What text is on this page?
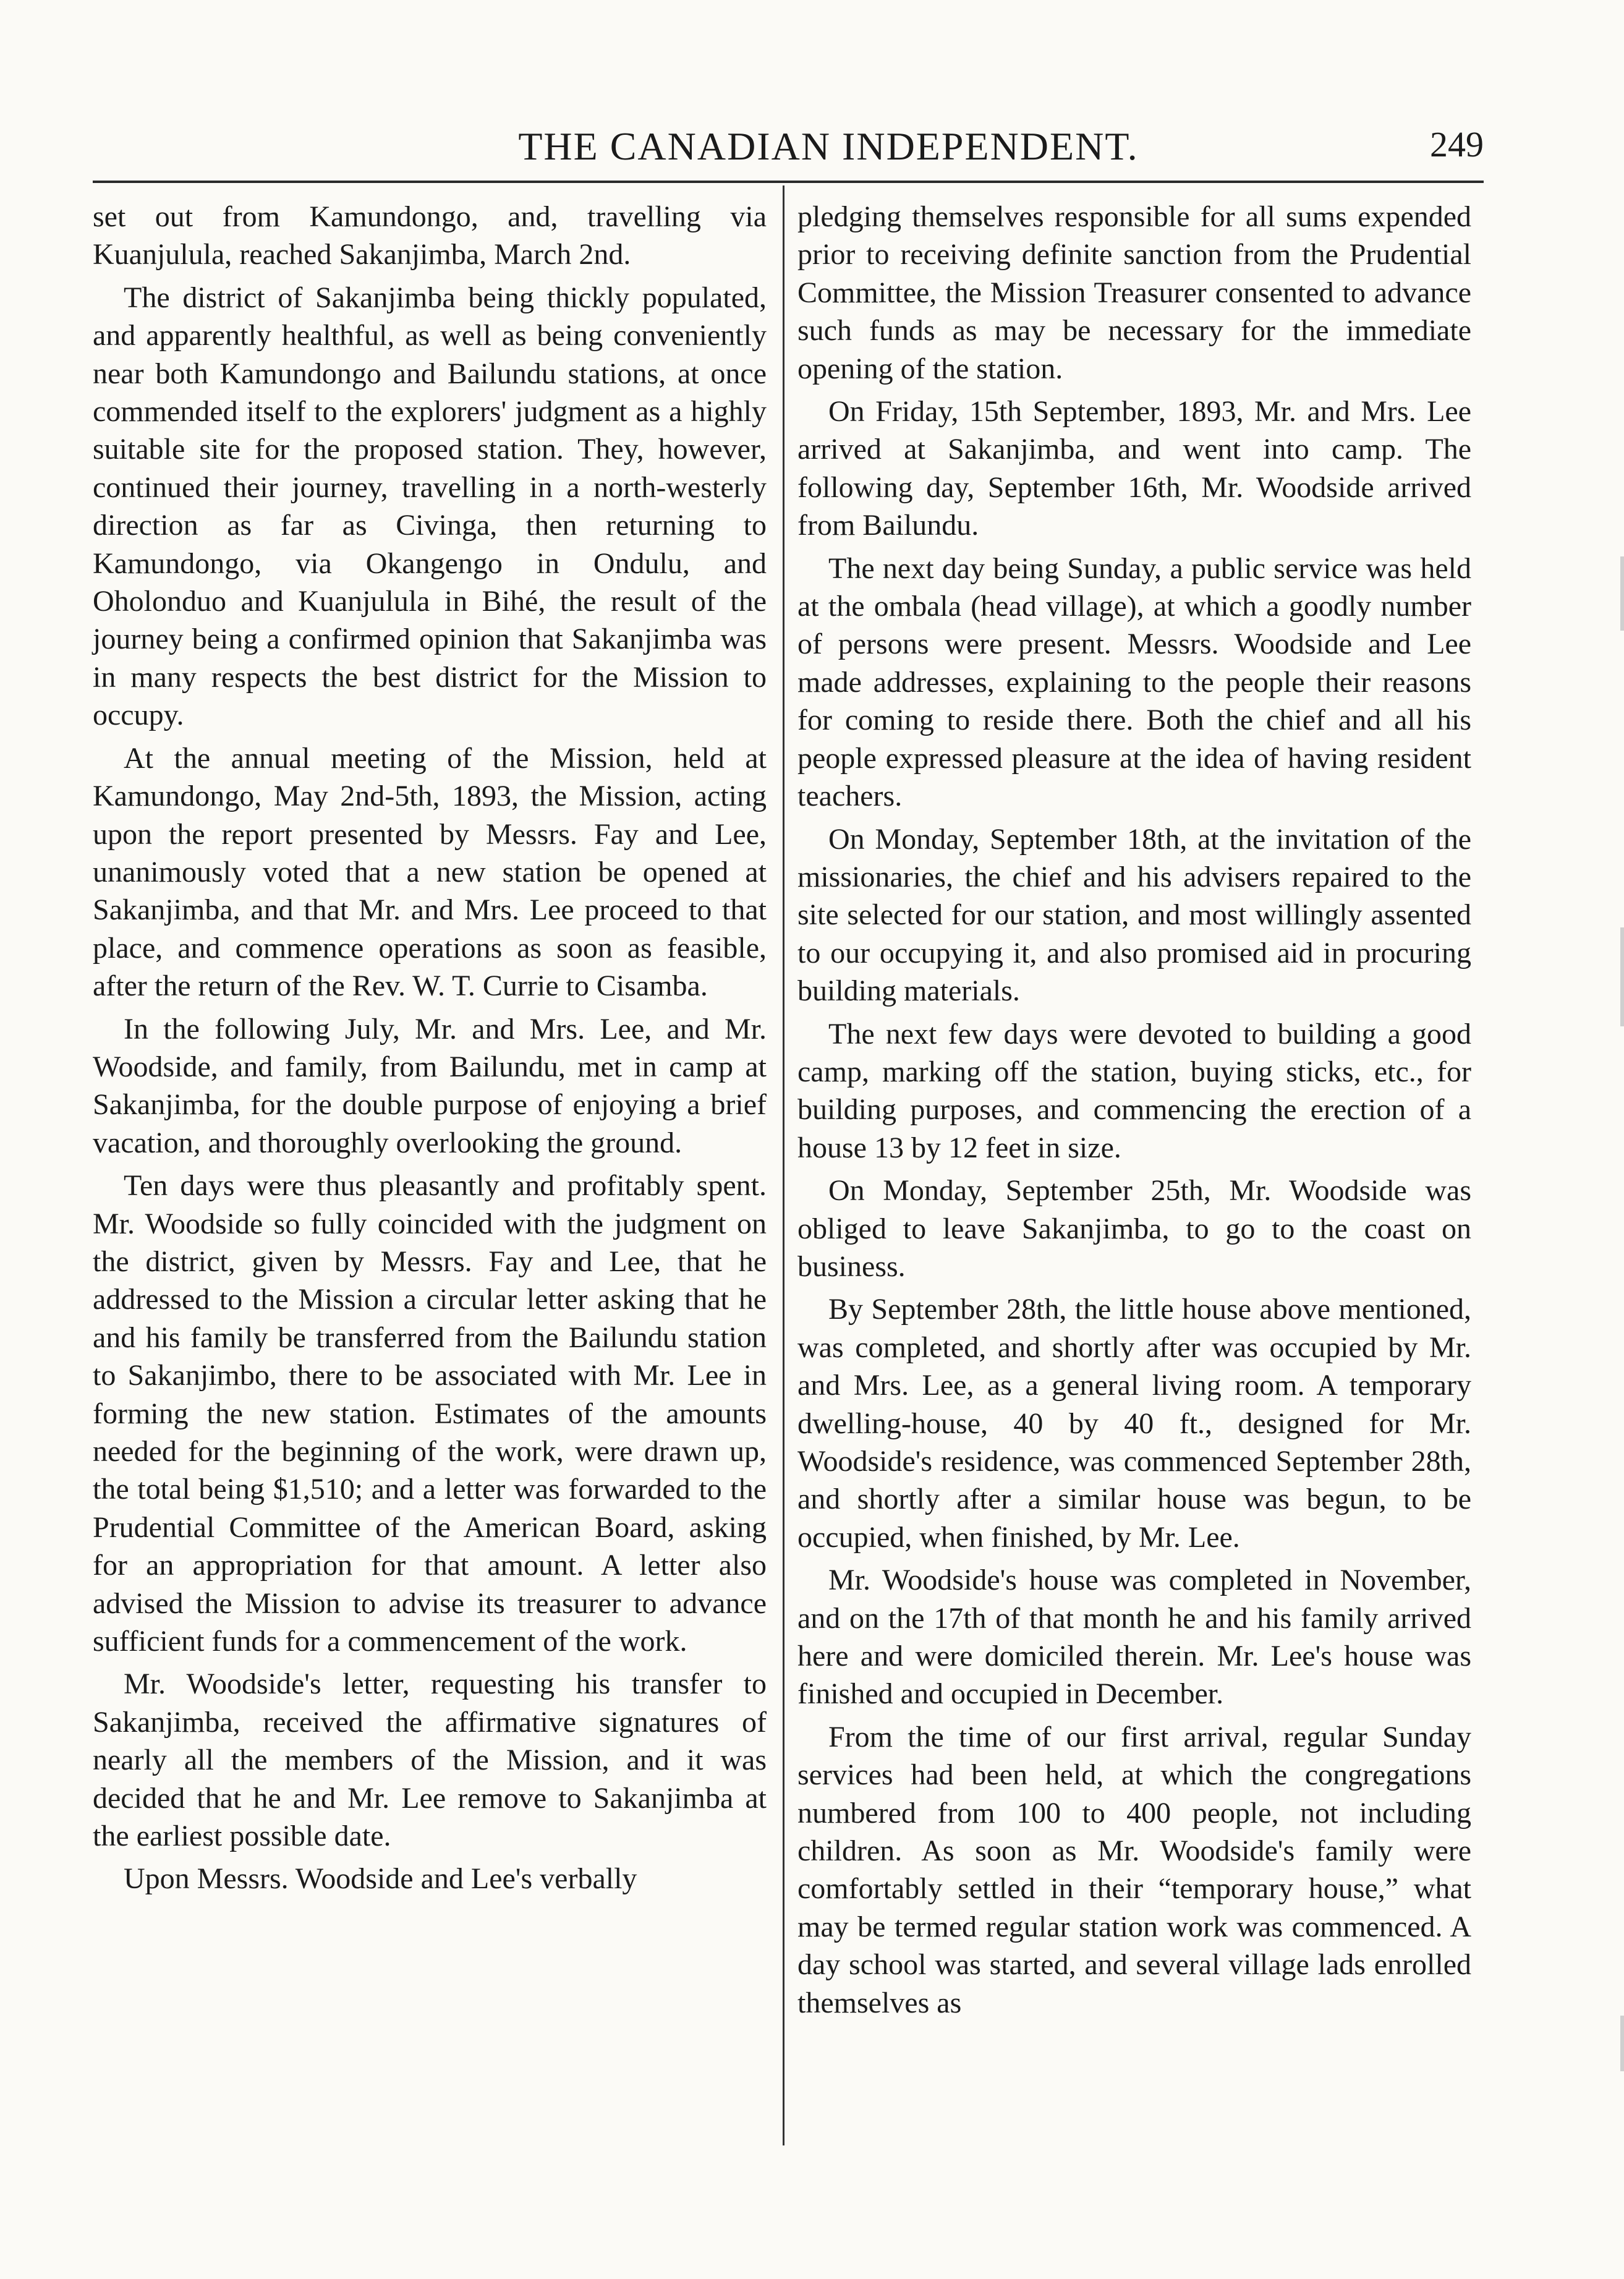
THE CANADIAN INDEPENDENT.	249

set out from Kamundongo, and, travelling via Kuanjulula, reached Sakanjimba, March 2nd.

The district of Sakanjimba being thickly populated, and apparently healthful, as well as being conveniently near both Kamundongo and Bailundu stations, at once commended itself to the explorers' judgment as a highly suitable site for the proposed station. They, however, continued their journey, travelling in a north-westerly direction as far as Civinga, then returning to Kamundongo, via Okangengo in Ondulu, and Oholonduo and Kuanjulula in Bihé, the result of the journey being a confirmed opinion that Sakanjimba was in many respects the best district for the Mission to occupy.

At the annual meeting of the Mission, held at Kamundongo, May 2nd-5th, 1893, the Mission, acting upon the report presented by Messrs. Fay and Lee, unanimously voted that a new station be opened at Sakanjimba, and that Mr. and Mrs. Lee proceed to that place, and commence operations as soon as feasible, after the return of the Rev. W. T. Currie to Cisamba.

In the following July, Mr. and Mrs. Lee, and Mr. Woodside, and family, from Bailundu, met in camp at Sakanjimba, for the double purpose of enjoying a brief vacation, and thoroughly overlooking the ground.

Ten days were thus pleasantly and profitably spent. Mr. Woodside so fully coincided with the judgment on the district, given by Messrs. Fay and Lee, that he addressed to the Mission a circular letter asking that he and his family be transferred from the Bailundu station to Sakanjimbo, there to be associated with Mr. Lee in forming the new station. Estimates of the amounts needed for the beginning of the work, were drawn up, the total being $1,510; and a letter was forwarded to the Prudential Committee of the American Board, asking for an appropriation for that amount. A letter also advised the Mission to advise its treasurer to advance sufficient funds for a commencement of the work.

Mr. Woodside's letter, requesting his transfer to Sakanjimba, received the affirmative signatures of nearly all the members of the Mission, and it was decided that he and Mr. Lee remove to Sakanjimba at the earliest possible date.

Upon Messrs. Woodside and Lee's verbally

pledging themselves responsible for all sums expended prior to receiving definite sanction from the Prudential Committee, the Mission Treasurer consented to advance such funds as may be necessary for the immediate opening of the station.

On Friday, 15th September, 1893, Mr. and Mrs. Lee arrived at Sakanjimba, and went into camp. The following day, September 16th, Mr. Woodside arrived from Bailundu.

The next day being Sunday, a public service was held at the ombala (head village), at which a goodly number of persons were present. Messrs. Woodside and Lee made addresses, explaining to the people their reasons for coming to reside there. Both the chief and all his people expressed pleasure at the idea of having resident teachers.

On Monday, September 18th, at the invitation of the missionaries, the chief and his advisers repaired to the site selected for our station, and most willingly assented to our occupying it, and also promised aid in procuring building materials.

The next few days were devoted to building a good camp, marking off the station, buying sticks, etc., for building purposes, and commencing the erection of a house 13 by 12 feet in size.

On Monday, September 25th, Mr. Woodside was obliged to leave Sakanjimba, to go to the coast on business.

By September 28th, the little house above mentioned, was completed, and shortly after was occupied by Mr. and Mrs. Lee, as a general living room. A temporary dwelling-house, 40 by 40 ft., designed for Mr. Woodside's residence, was commenced September 28th, and shortly after a similar house was begun, to be occupied, when finished, by Mr. Lee.

Mr. Woodside's house was completed in November, and on the 17th of that month he and his family arrived here and were domiciled therein. Mr. Lee's house was finished and occupied in December.

From the time of our first arrival, regular Sunday services had been held, at which the congregations numbered from 100 to 400 people, not including children. As soon as Mr. Woodside's family were comfortably settled in their “temporary house,” what may be termed regular station work was commenced. A day school was started, and several village lads enrolled themselves as
